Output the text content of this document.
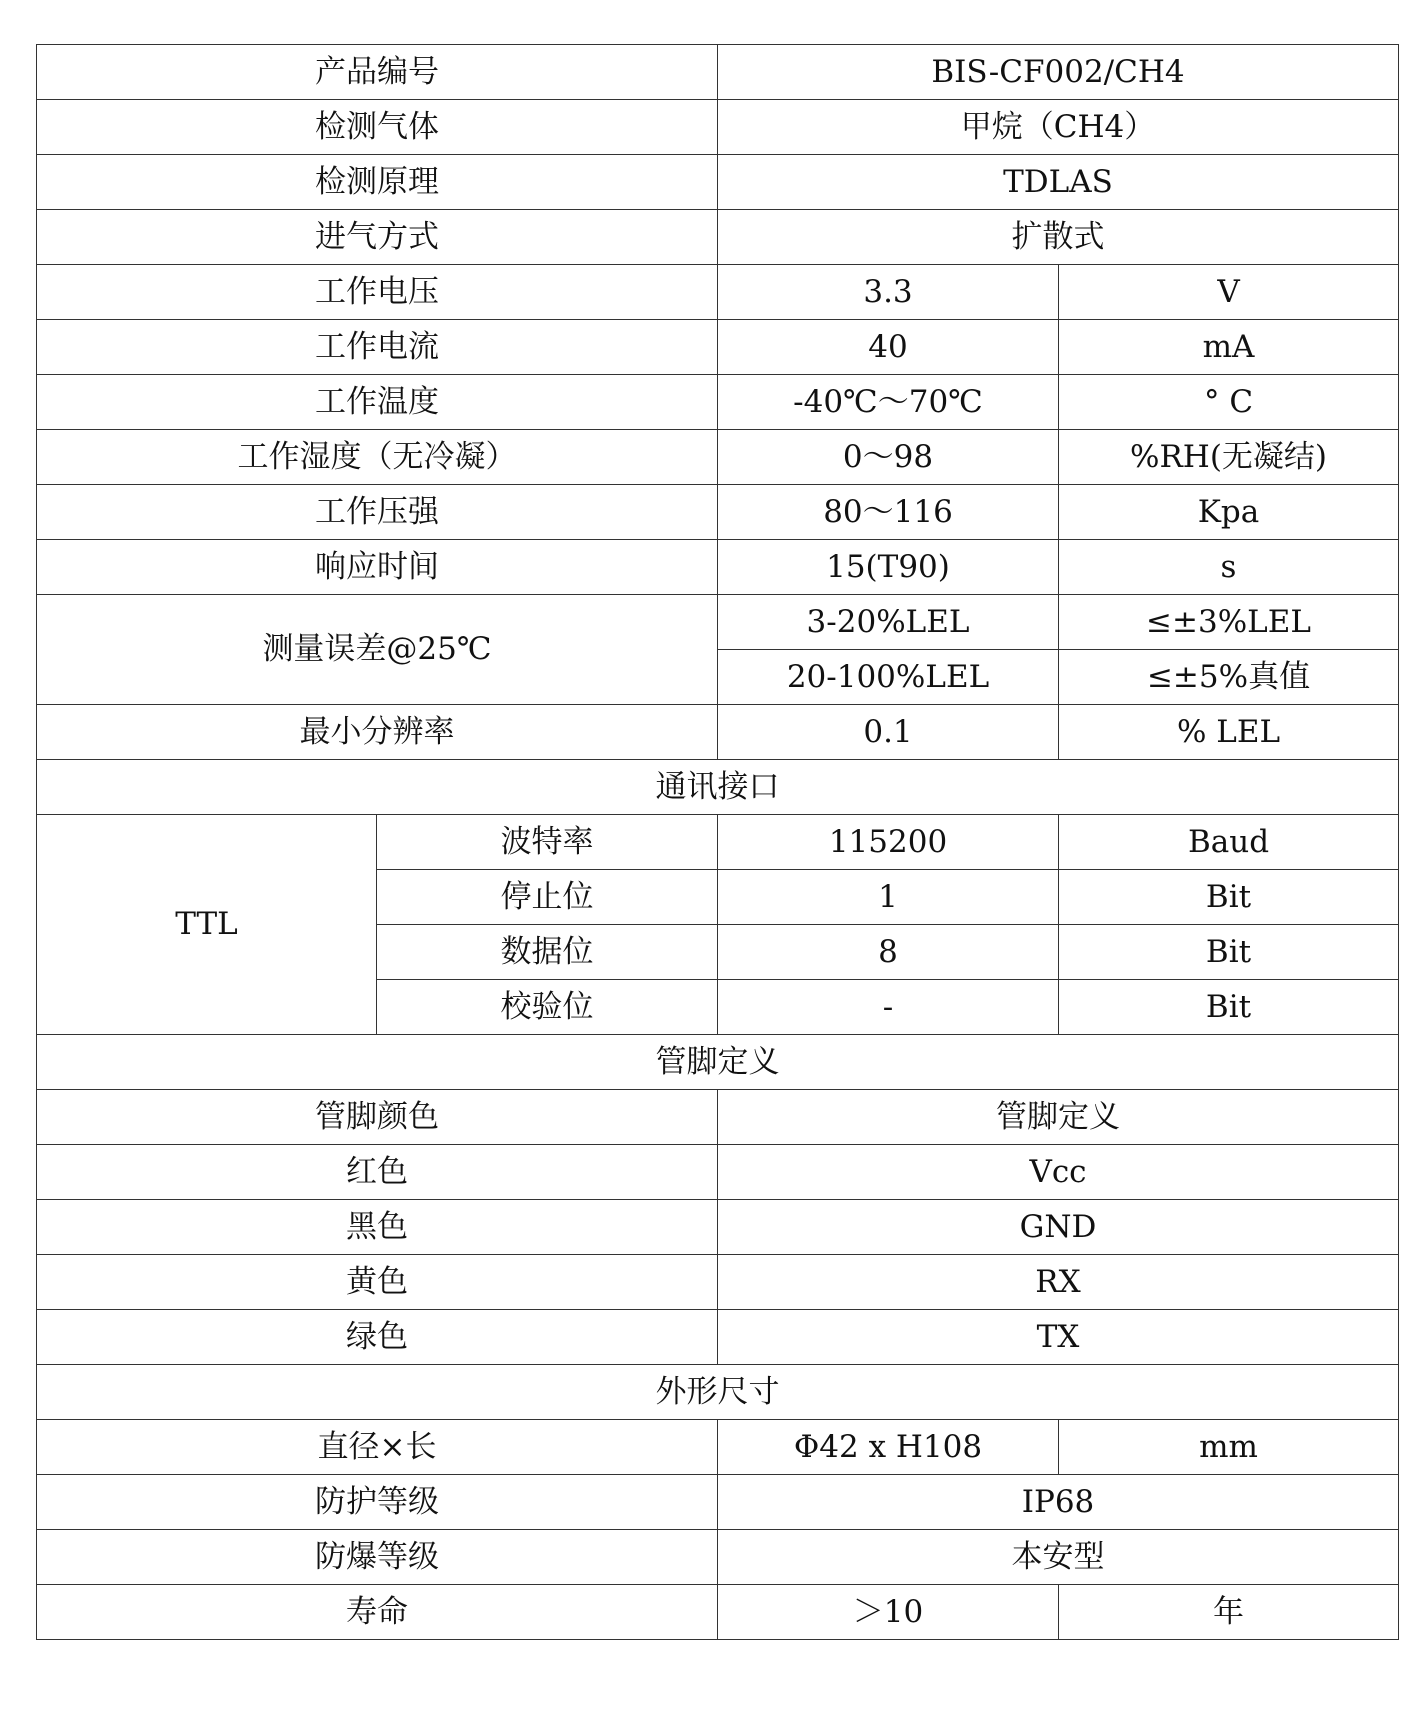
产品编号		BIS-CF002/CH4	
检测气体		甲烷（CH4）	
检测原理		TDLAS	
进气方式		扩散式	
工作电压		3.3	V
工作电流		40	mA
工作温度		-40℃～70℃	° C
工作湿度（无冷凝）		0～98	%RH(无凝结)
工作压强		80～116	Kpa
响应时间		15(T90)	s
测量误差@25℃		3-20%LEL	≤±3%LEL
		20-100%LEL	≤±5%真值
最小分辨率		0.1	% LEL
通讯接口			
TTL	波特率	115200	Baud
	停止位	1	Bit
	数据位	8	Bit
	校验位	-	Bit
管脚定义			
管脚颜色		管脚定义	
红色		Vcc	
黑色		GND	
黄色		RX	
绿色		TX	
外形尺寸			
直径×长		Φ42 x H108	mm
防护等级		IP68	
防爆等级		本安型	
寿命		＞10	年
